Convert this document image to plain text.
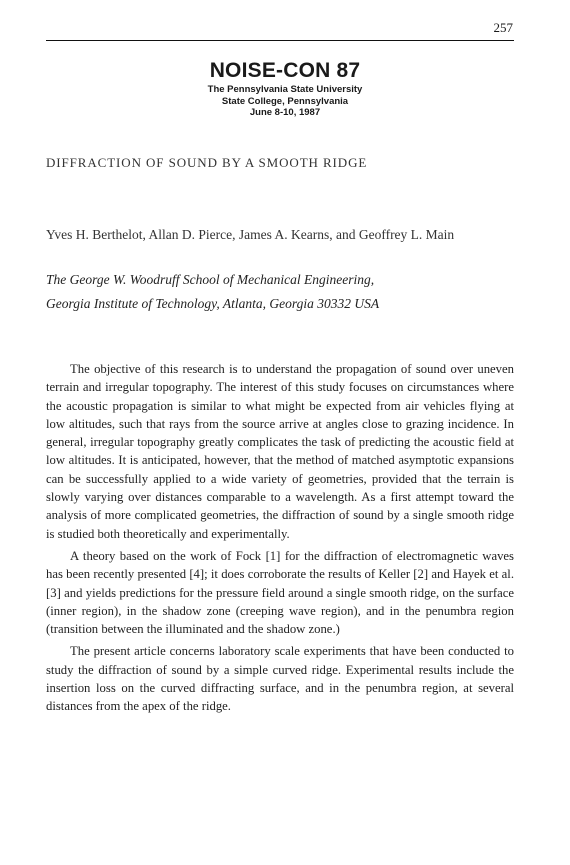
257
NOISE-CON 87
The Pennsylvania State University
State College, Pennsylvania
June 8-10, 1987
DIFFRACTION OF SOUND BY A SMOOTH RIDGE
Yves H. Berthelot, Allan D. Pierce, James A. Kearns, and Geoffrey L. Main
The George W. Woodruff School of Mechanical Engineering,
Georgia Institute of Technology, Atlanta, Georgia 30332 USA

The objective of this research is to understand the propagation of sound over uneven terrain and irregular topography. The interest of this study focuses on circumstances where the acoustic propagation is similar to what might be expected from air vehicles flying at low altitudes, such that rays from the source arrive at angles close to grazing incidence. In general, irregular topography greatly complicates the task of predicting the acoustic field at low altitudes. It is anticipated, however, that the method of matched asymptotic expansions can be successfully applied to a wide variety of geometries, provided that the terrain is slowly varying over distances comparable to a wavelength. As a first attempt toward the analysis of more complicated geometries, the diffraction of sound by a single smooth ridge is studied both theoretically and experimentally.

A theory based on the work of Fock [1] for the diffraction of electromagnetic waves has been recently presented [4]; it does corroborate the results of Keller [2] and Hayek et al. [3] and yields predictions for the pressure field around a single smooth ridge, on the surface (inner region), in the shadow zone (creeping wave region), and in the penumbra region (transition between the illuminated and the shadow zone.)

The present article concerns laboratory scale experiments that have been conducted to study the diffraction of sound by a simple curved ridge. Experimental results include the insertion loss on the curved diffracting surface, and in the penumbra region, at several distances from the apex of the ridge.
